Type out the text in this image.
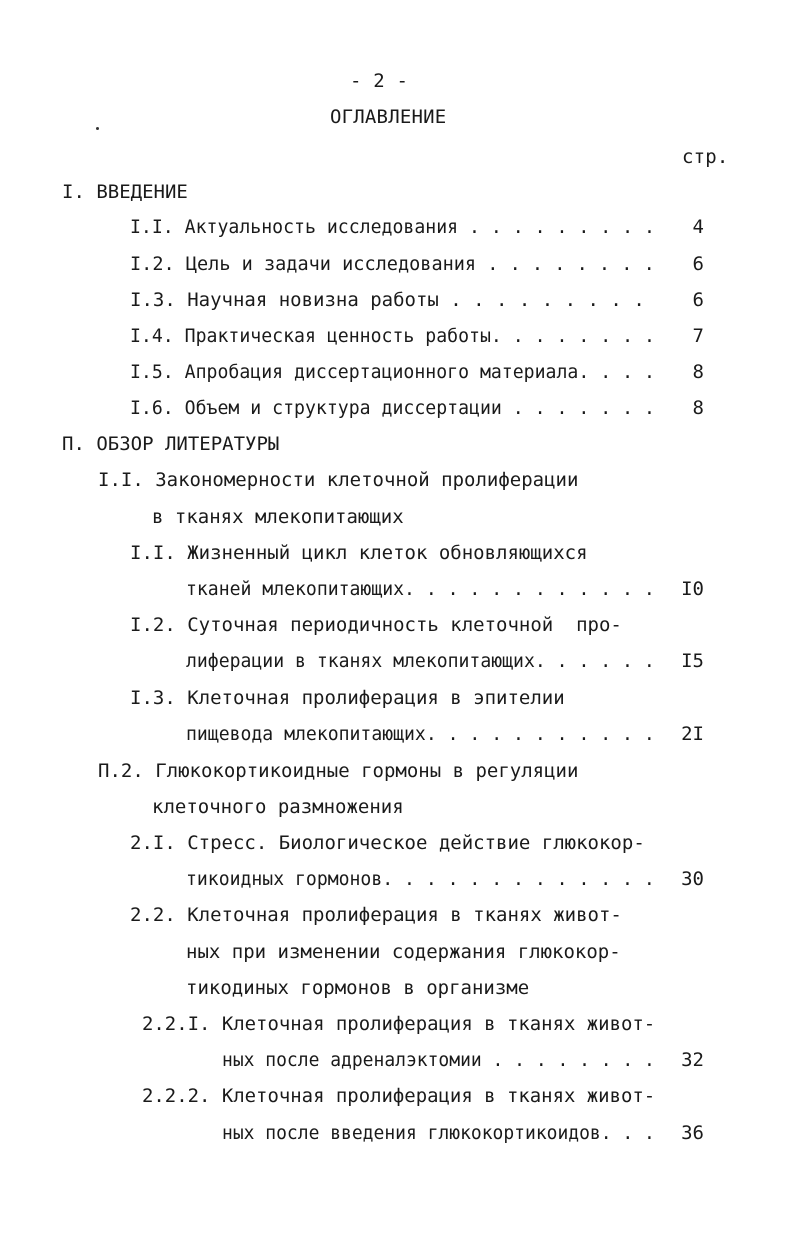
- 2 -
ОГЛАВЛЕНИЕ
стр.
I. ВВЕДЕНИЕ
I.I. Актуальность исследования . . . . . . . . .	4
I.2. Цель и задачи исследования . . . . . . . .	6
I.3. Научная новизна работы . . . . . . . . .	6
I.4. Практическая ценность работы. . . . . . . .	7
I.5. Апробация диссертационного материала. . . .	8
I.6. Объем и структура диссертации . . . . . . .	8
П. ОБЗОР ЛИТЕРАТУРЫ
I.I. Закономерности клеточной пролиферации
в тканях млекопитающих
I.I. Жизненный цикл клеток обновляющихся
тканей млекопитающих. . . . . . . . . . . .	I0
I.2. Суточная периодичность клеточной  про-
лиферации в тканях млекопитающих. . . . . .	I5
I.3. Клеточная пролиферация в эпителии
пищевода млекопитающих. . . . . . . . . . .	2I
П.2. Глюкокортикоидные гормоны в регуляции
клеточного размножения
2.I. Стресс. Биологическое действие глюкокор-
тикоидных гормонов. . . . . . . . . . . . .	30
2.2. Клеточная пролиферация в тканях живот-
ных при изменении содержания глюкокор-
тикодиных гормонов в организме
2.2.I. Клеточная пролиферация в тканях живот-
ных после адреналэктомии . . . . . . . .	32
2.2.2. Клеточная пролиферация в тканях живот-
ных после введения глюкокортикоидов. . .	36
